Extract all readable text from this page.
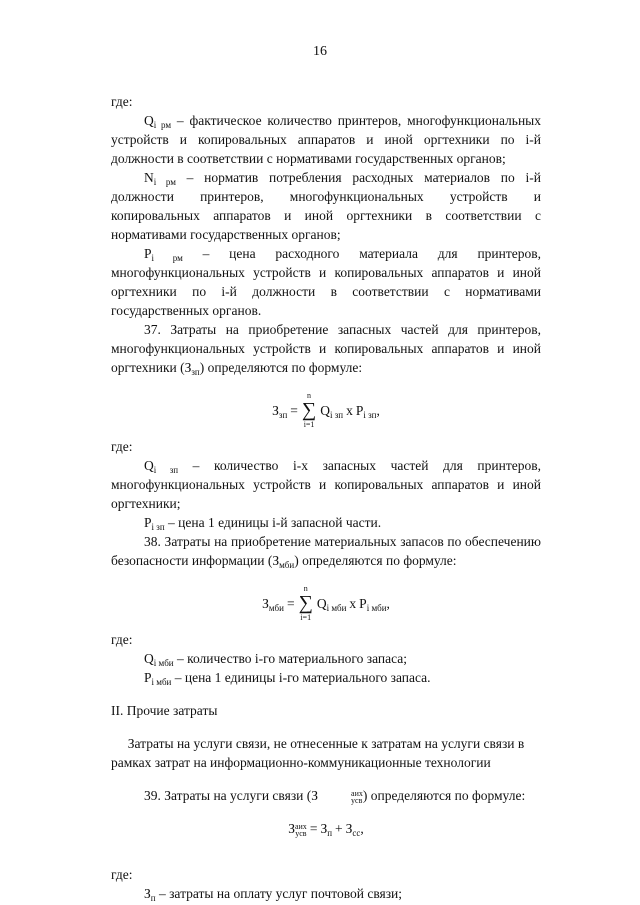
16

где:

$Q_{i рм}$ – фактическое количество принтеров, многофункциональных устройств и копировальных аппаратов и иной оргтехники по i-й должности в соответствии с нормативами государственных органов;

$N_{i рм}$ – норматив потребления расходных материалов по i-й должности принтеров, многофункциональных устройств и копировальных аппаратов и иной оргтехники в соответствии с нормативами государственных органов;

$P_{i рм}$ – цена расходного материала для принтеров, многофункциональных устройств и копировальных аппаратов и иной оргтехники по i-й должности в соответствии с нормативами государственных органов.

37. Затраты на приобретение запасных частей для принтеров, многофункциональных устройств и копировальных аппаратов и иной оргтехники $(З_{зп})$ определяются по формуле:

$З_{зп}$ =
n
∑
i=1
$Q_{i зп}$ x $P_{i зп}$,

где:

$Q_{i зп}$ – количество i-х запасных частей для принтеров, многофункциональных устройств и копировальных аппаратов и иной оргтехники;

$P_{i зп}$ – цена 1 единицы i-й запасной части.

38. Затраты на приобретение материальных запасов по обеспечению безопасности информации $(З_{мби})$ определяются по формуле:

$З_{мби}$ =
n
∑
i=1
$Q_{i мби}$ x $P_{i мби}$,

где:

$Q_{i мби}$ – количество i-го материального запаса;

$P_{i мби}$ – цена 1 единицы i-го материального запаса.

II. Прочие затраты

Затраты на услуги связи, не отнесенные к затратам на услуги связи в рамках затрат на информационно-коммуникационные технологии

39. Затраты на услуги связи (З	аих
усв ) определяются по формуле:

З аих
усв = $З_п + З_{сс}$,

где:

$З_п$ – затраты на оплату услуг почтовой связи;
